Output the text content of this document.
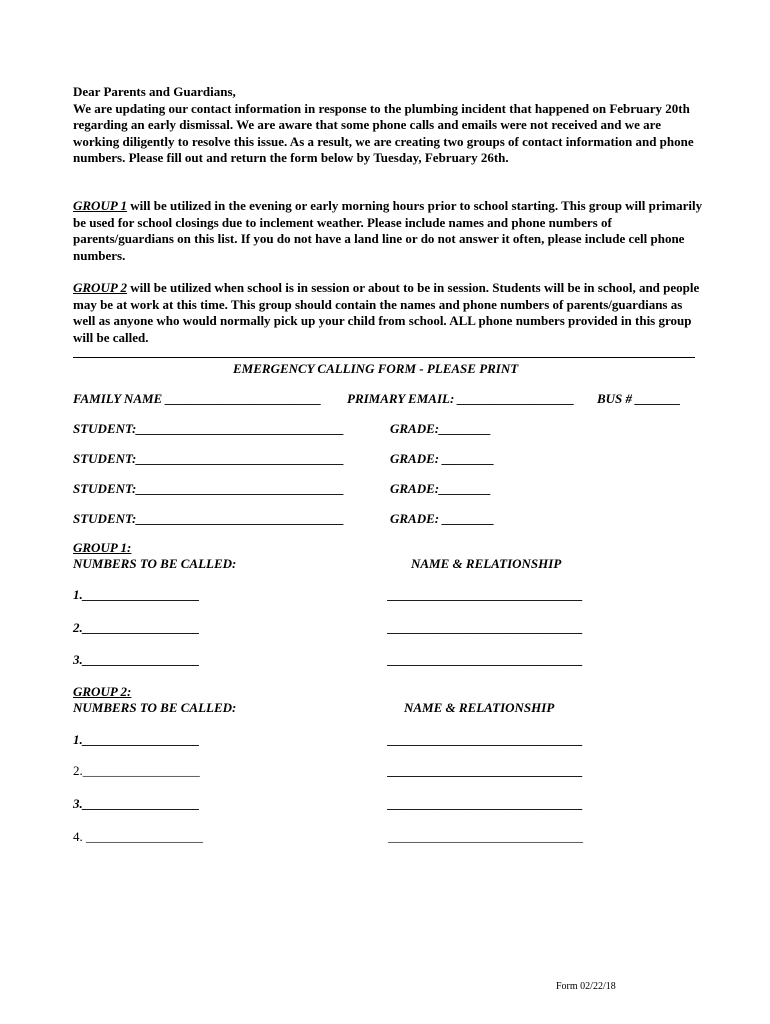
Dear Parents and Guardians,

We are updating our contact information in response to the plumbing incident that happened on February 20th regarding an early dismissal. We are aware that some phone calls and emails were not received and we are working diligently to resolve this issue. As a result, we are creating two groups of contact information and phone numbers. Please fill out and return the form below by Tuesday, February 26th.

GROUP 1 will be utilized in the evening or early morning hours prior to school starting. This group will primarily be used for school closings due to inclement weather. Please include names and phone numbers of parents/guardians on this list. If you do not have a land line or do not answer it often, please include cell phone numbers.

GROUP 2 will be utilized when school is in session or about to be in session. Students will be in school, and people may be at work at this time. This group should contain the names and phone numbers of parents/guardians as well as anyone who would normally pick up your child from school. ALL phone numbers provided in this group will be called.

EMERGENCY CALLING FORM - PLEASE PRINT
FAMILY NAME ________________________ PRIMARY EMAIL: __________________ BUS # _______
STUDENT:________________________________	GRADE:________
STUDENT:________________________________	GRADE: ________
STUDENT:________________________________	GRADE:________
STUDENT:________________________________	GRADE: ________
GROUP 1:
NUMBERS TO BE CALLED:	NAME & RELATIONSHIP
1.__________________	______________________________
2.__________________	______________________________
3.__________________	______________________________
GROUP 2:
NUMBERS TO BE CALLED:	NAME & RELATIONSHIP
1.__________________	______________________________
2.__________________	______________________________
3.__________________	______________________________
4. __________________	______________________________
Form 02/22/18
